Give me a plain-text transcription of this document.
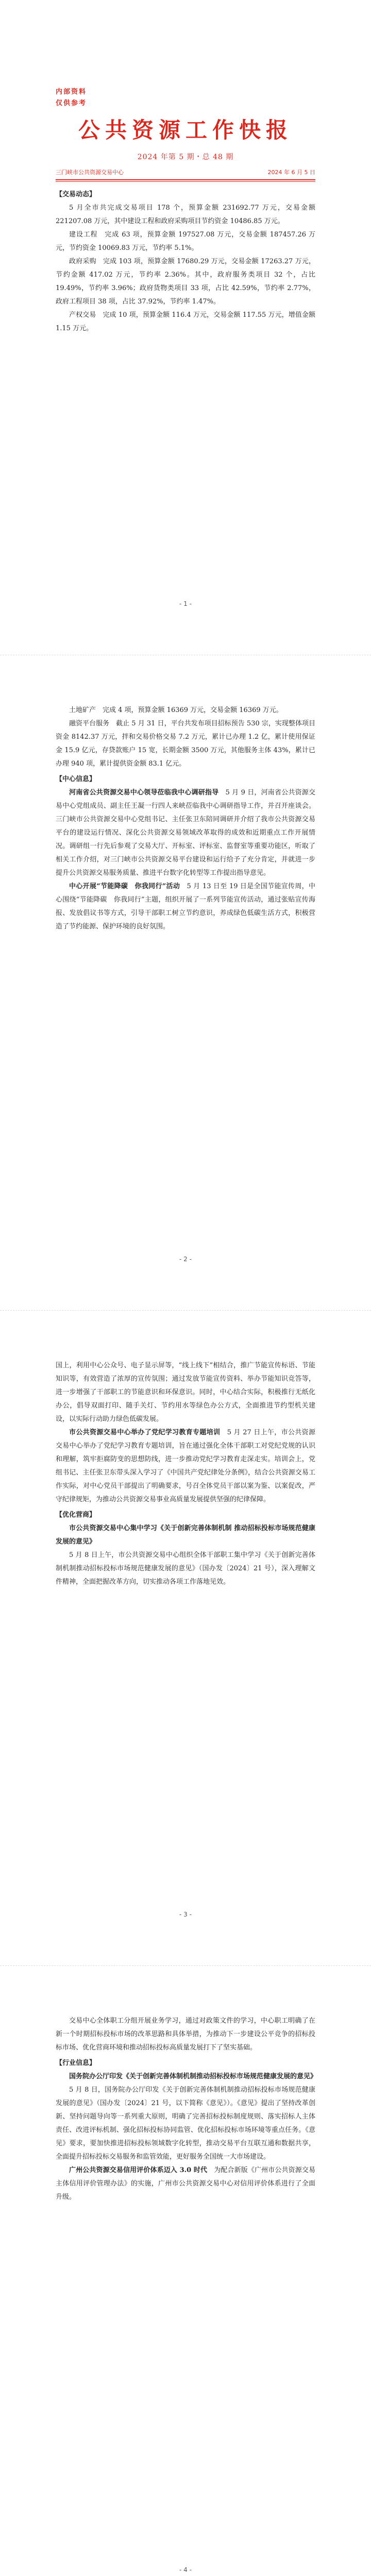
内部资料
仅供参考
公共资源工作快报
2024 年第 5 期・总 48 期
三门峡市公共资源交易中心	2024 年 6 月 5 日
【交易动态】

5 月全市共完成交易项目 178 个，预算金额 231692.77 万元，交易金额 221207.08 万元，其中建设工程和政府采购项目节约资金 10486.85 万元。

建设工程　完成 63 项，预算金额 197527.08 万元，交易金额 187457.26 万元，节约资金 10069.83 万元，节约率 5.1%。

政府采购　完成 103 项，预算金额 17680.29 万元，交易金额 17263.27 万元，节约金额 417.02 万元，节约率 2.36%。其中，政府服务类项目 32 个，占比 19.49%，节约率 3.96%；政府货物类项目 33 项，占比 42.59%，节约率 2.77%，政府工程项目 38 项，占比 37.92%，节约率 1.47%。

产权交易　完成 10 项，预算金额 116.4 万元，交易金额 117.55 万元，增值金额 1.15 万元。

- 1 -

土地矿产　完成 4 项，预算金额 16369 万元，交易金额 16369 万元。

融资平台服务　截止 5 月 31 日，平台共发布项目招标预告 530 宗，实现整体项目资金 8142.37 万元，拌和交易价格交易 7.2 万元，累计已办理 1.2 亿，累计使用保证金 15.9 亿元，存贷款账户 15 宽，长期金额 3500 万元，其他服务主体 43%，累计已办理 940 项，累计提供资金额 83.1 亿元。

【中心信息】

河南省公共资源交易中心领导莅临我中心调研指导　 5 月 9 日，河南省公共资源交易中心党组成员、副主任王凝一行四人来峡莅临我中心调研指导工作，并召开座谈会。三门峡市公共资源交易中心党组书记、主任张卫东陪同调研并介绍了我市公共资源交易平台的建设运行情况、深化公共资源交易领域改革取得的成效和近期重点工作开展情况。调研组一行先后参观了交易大厅、开标室、评标室、监督室等重要功能区，听取了相关工作介绍，对三门峡市公共资源交易平台建设和运行给予了充分肯定，并就进一步提升公共资源交易服务质量、推进平台数字化转型等工作提出指导意见。

中心开展“节能降碳　你我同行”活动　 5 月 13 日至 19 日是全国节能宣传周，中心围绕“节能降碳　你我同行”主题，组织开展了一系列节能宣传活动，通过张贴宣传海报、发放倡议书等方式，引导干部职工树立节约意识，养成绿色低碳生活方式，积极营造了节约能源、保护环境的良好氛围。

- 2 -

国上，利用中心公众号、电子显示屏等，“线上线下”相结合，推广节能宣传标语、节能知识等，有效营造了浓厚的宣传氛围；通过发放节能宣传资料、举办节能知识竞答等，进一步增强了干部职工的节能意识和环保意识。同时，中心结合实际，积极推行无纸化办公，倡导双面打印、随手关灯、节约用水等绿色办公方式，全面推进节约型机关建设，以实际行动助力绿色低碳发展。

市公共资源交易中心举办了党纪学习教育专题培训　 5 月 27 日上午，市公共资源交易中心举办了党纪学习教育专题培训，旨在通过强化全体干部职工对党纪党规的认识和理解，筑牢拒腐防变的思想防线，进一步推动党纪学习教育走深走实。培训会上，党组书记、主任张卫东带头深入学习了《中国共产党纪律处分条例》，结合公共资源交易工作实际，对中心党员干部提出了明确要求，号召全体党员干部以案为鉴、以案促改，严守纪律规矩，为推动公共资源交易事业高质量发展提供坚强的纪律保障。

【优化营商】

市公共资源交易中心集中学习《关于创新完善体制机制 推动招标投标市场规范健康发展的意见》

5 月 8 日上午，市公共资源交易中心组织全体干部职工集中学习《关于创新完善体制机制推动招标投标市场规范健康发展的意见》（国办发〔2024〕21 号），深入理解文件精神，全面把握改革方向，切实推动各项工作落地见效。

- 3 -

交易中心全体职工分组开展业务学习，通过对政策文件的学习，中心职工明确了在新一个时期招标投标市场的改革思路和具体举措，为推动下一步建设公平竞争的招标投标市场、优化营商环境和推动招标投标高质量发展打下了坚实基础。

【行业信息】

国务院办公厅印发《关于创新完善体制机制推动招标投标市场规范健康发展的意见》

5 月 8 日，国务院办公厅印发《关于创新完善体制机制推动招标投标市场规范健康发展的意见》（国办发〔2024〕21 号，以下简称《意见》）。《意见》提出了坚持改革创新、坚持问题导向等一系列重大原则，明确了完善招标投标制度规则、落实招标人主体责任、改进评标机制、强化招标投标协同监管、优化招标投标市场环境等重点任务。《意见》要求，要加快推进招标投标领域数字化转型，推动交易平台互联互通和数据共享，全面提升招标投标交易服务和监管效能，更好服务全国统一大市场建设。

广州公共资源交易信用评价体系迈入 3.0 时代　 为配合新版《广州市公共资源交易主体信用评价管理办法》的实施，广州市公共资源交易中心对信用评价体系进行了全面升级。

- 4 -
